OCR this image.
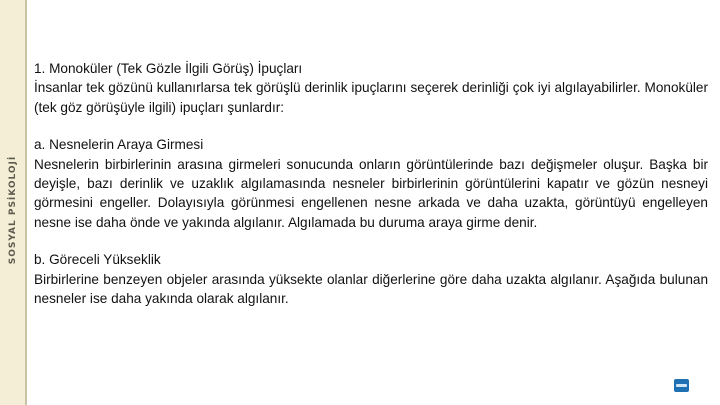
SOSYAL PSİKOLOJİ

1. Monoküler (Tek Gözle İlgili Görüş) İpuçları

İnsanlar tek gözünü kullanırlarsa tek görüşlü derinlik ipuçlarını seçerek derinliği çok iyi algılayabilirler. Monoküler (tek göz görüşüyle ilgili) ipuçları şunlardır:

a. Nesnelerin Araya Girmesi

Nesnelerin birbirlerinin arasına girmeleri sonucunda onların görüntülerinde bazı değişmeler oluşur. Başka bir deyişle, bazı derinlik ve uzaklık algılamasında nesneler birbirlerinin görüntülerini kapatır ve gözün nesneyi görmesini engeller. Dolayısıyla görünmesi engellenen nesne arkada ve daha uzakta, görüntüyü engelleyen nesne ise daha önde ve yakında algılanır. Algılamada bu duruma araya girme denir.

b. Göreceli Yükseklik

Birbirlerine benzeyen objeler arasında yüksekte olanlar diğerlerine göre daha uzakta algılanır. Aşağıda bulunan nesneler ise daha yakında olarak algılanır.
